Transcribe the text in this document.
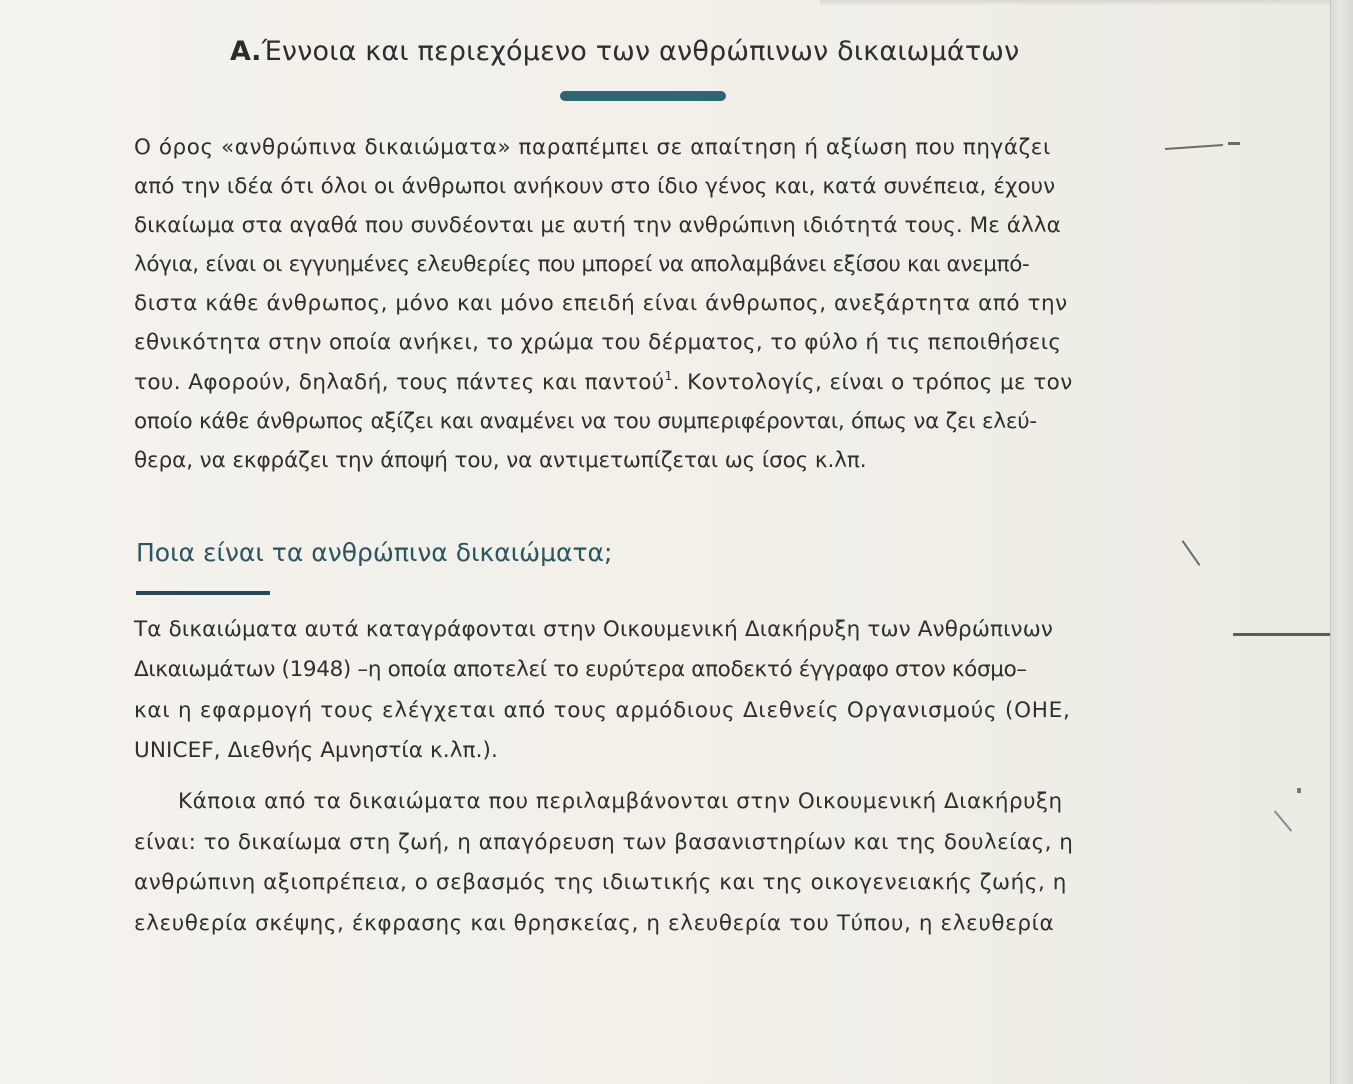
Α.Έννοια και περιεχόμενο των ανθρώπινων δικαιωμάτων
Ο όρος «ανθρώπινα δικαιώματα» παραπέμπει σε απαίτηση ή αξίωση που πηγάζει
από την ιδέα ότι όλοι οι άνθρωποι ανήκουν στο ίδιο γένος και, κατά συνέπεια, έχουν
δικαίωμα στα αγαθά που συνδέονται με αυτή την ανθρώπινη ιδιότητά τους. Με άλλα
λόγια, είναι οι εγγυημένες ελευθερίες που μπορεί να απολαμβάνει εξίσου και ανεμπό-
διστα κάθε άνθρωπος, μόνο και μόνο επειδή είναι άνθρωπος, ανεξάρτητα από την
εθνικότητα στην οποία ανήκει, το χρώμα του δέρματος, το φύλο ή τις πεποιθήσεις
του. Αφορούν, δηλαδή, τους πάντες και παντού$^1$. Κοντολογίς, είναι ο τρόπος με τον
οποίο κάθε άνθρωπος αξίζει και αναμένει να του συμπεριφέρονται, όπως να ζει ελεύ-
θερα, να εκφράζει την άποψή του, να αντιμετωπίζεται ως ίσος κ.λπ.
Ποια είναι τα ανθρώπινα δικαιώματα;
Τα δικαιώματα αυτά καταγράφονται στην Οικουμενική Διακήρυξη των Ανθρώπινων
Δικαιωμάτων (1948) –η οποία αποτελεί το ευρύτερα αποδεκτό έγγραφο στον κόσμο–
και η εφαρμογή τους ελέγχεται από τους αρμόδιους Διεθνείς Οργανισμούς (ΟΗΕ,
UNICEF, Διεθνής Αμνηστία κ.λπ.).
Κάποια από τα δικαιώματα που περιλαμβάνονται στην Οικουμενική Διακήρυξη
είναι: το δικαίωμα στη ζωή, η απαγόρευση των βασανιστηρίων και της δουλείας, η
ανθρώπινη αξιοπρέπεια, ο σεβασμός της ιδιωτικής και της οικογενειακής ζωής, η
ελευθερία σκέψης, έκφρασης και θρησκείας, η ελευθερία του Τύπου, η ελευθερία
